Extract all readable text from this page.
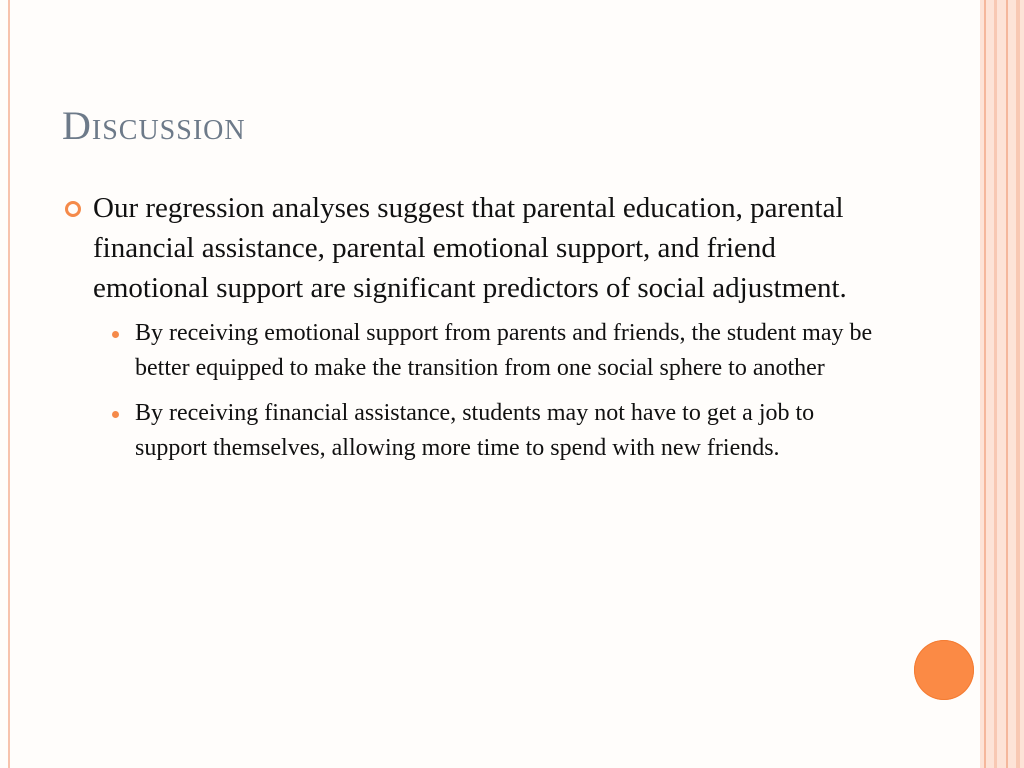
Discussion
Our regression analyses suggest that parental education, parental financial assistance, parental emotional support, and friend emotional support are significant predictors of social adjustment.
By receiving emotional support from parents and friends, the student may be better equipped to make the transition from one social sphere to another
By receiving financial assistance, students may not have to get a job to support themselves, allowing more time to spend with new friends.
